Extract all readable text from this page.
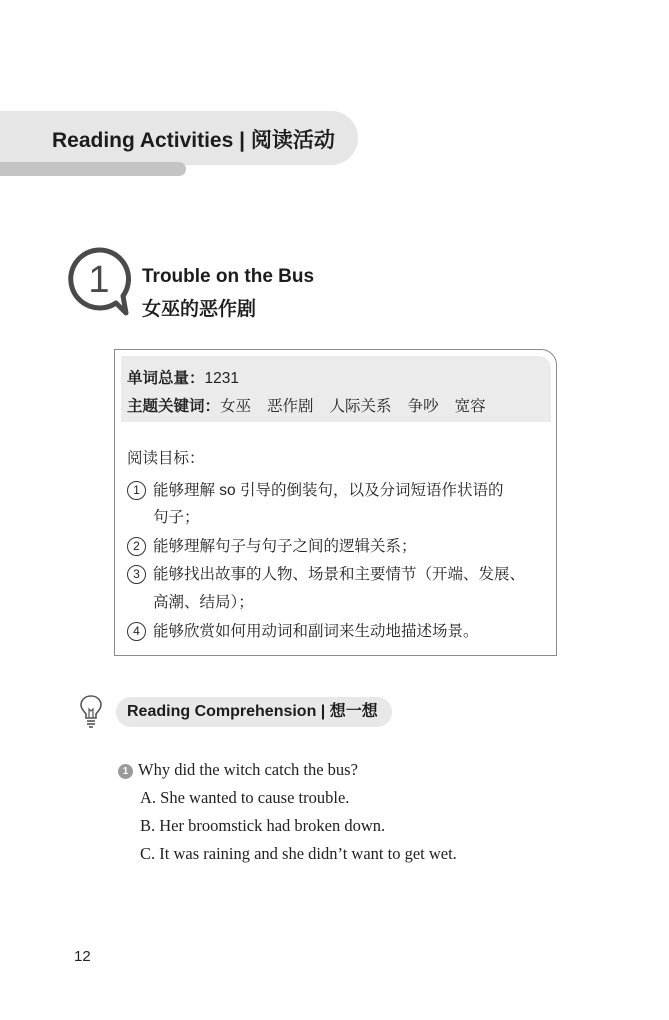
Reading Activities | 阅读活动
1 Trouble on the Bus
女巫的恶作剧
单词总量：1231
主题关键词：女巫 恶作剧 人际关系 争吵 宽容
阅读目标：
1 能够理解 so 引导的倒装句，以及分词短语作状语的
句子；
2 能够理解句子与句子之间的逻辑关系；
3 能够找出故事的人物、场景和主要情节（开端、发展、
高潮、结局）；
4 能够欣赏如何用动词和副词来生动地描述场景。
Reading Comprehension | 想一想
1 Why did the witch catch the bus?
A. She wanted to cause trouble.
B. Her broomstick had broken down.
C. It was raining and she didn’t want to get wet.
12
